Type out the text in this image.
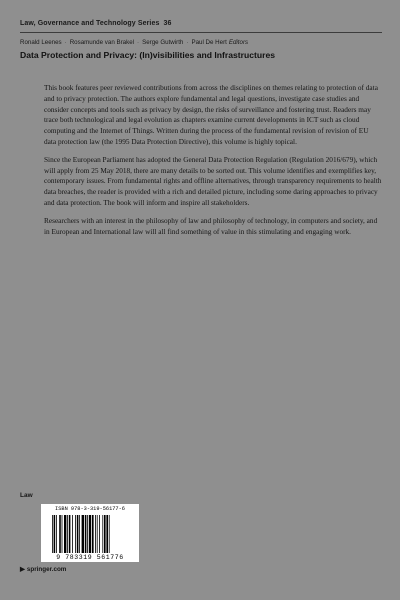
Law, Governance and Technology Series 36
Ronald Leenes · Rosamunde van Brakel · Serge Gutwirth · Paul De Hert Editors
Data Protection and Privacy: (In)visibilities and Infrastructures

This book features peer reviewed contributions from across the disciplines on themes relating to protection of data and to privacy protection. The authors explore fundamental and legal questions, investigate case studies and consider concepts and tools such as privacy by design, the risks of surveillance and fostering trust. Readers may trace both technological and legal evolution as chapters examine current developments in ICT such as cloud computing and the Internet of Things. Written during the process of the fundamental revision of revision of EU data protection law (the 1995 Data Protection Directive), this volume is highly topical.

Since the European Parliament has adopted the General Data Protection Regulation (Regulation 2016/679), which will apply from 25 May 2018, there are many details to be sorted out. This volume identifies and exemplifies key, contemporary issues. From fundamental rights and offline alternatives, through transparency requirements to health data breaches, the reader is provided with a rich and detailed picture, including some daring approaches to privacy and data protection. The book will inform and inspire all stakeholders.

Researchers with an interest in the philosophy of law and philosophy of technology, in computers and society, and in European and International law will all find something of value in this stimulating and engaging work.

Law
ISBN 978-3-319-56177-6
9 783319 561776
▶ springer.com
